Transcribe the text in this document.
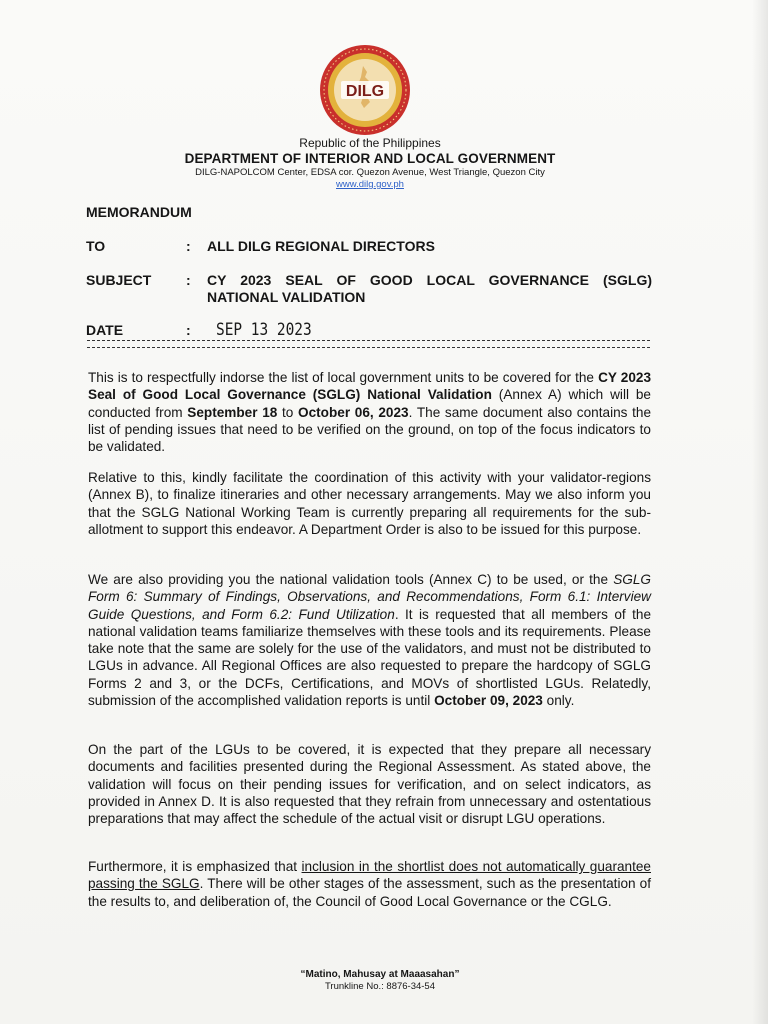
DILG
Republic of the Philippines
DEPARTMENT OF INTERIOR AND LOCAL GOVERNMENT
DILG-NAPOLCOM Center, EDSA cor. Quezon Avenue, West Triangle, Quezon City
www.dilg.gov.ph
MEMORANDUM
TO	: ALL DILG REGIONAL DIRECTORS
SUBJECT : CY 2023 SEAL OF GOOD LOCAL GOVERNANCE (SGLG) NATIONAL VALIDATION
DATE	: SEP 13 2023
This is to respectfully indorse the list of local government units to be covered for the CY 2023 Seal of Good Local Governance (SGLG) National Validation (Annex A) which will be conducted from September 18 to October 06, 2023. The same document also contains the list of pending issues that need to be verified on the ground, on top of the focus indicators to be validated.
Relative to this, kindly facilitate the coordination of this activity with your validator-regions (Annex B), to finalize itineraries and other necessary arrangements. May we also inform you that the SGLG National Working Team is currently preparing all requirements for the sub-allotment to support this endeavor. A Department Order is also to be issued for this purpose.
We are also providing you the national validation tools (Annex C) to be used, or the SGLG Form 6: Summary of Findings, Observations, and Recommendations, Form 6.1: Interview Guide Questions, and Form 6.2: Fund Utilization. It is requested that all members of the national validation teams familiarize themselves with these tools and its requirements. Please take note that the same are solely for the use of the validators, and must not be distributed to LGUs in advance. All Regional Offices are also requested to prepare the hardcopy of SGLG Forms 2 and 3, or the DCFs, Certifications, and MOVs of shortlisted LGUs. Relatedly, submission of the accomplished validation reports is until October 09, 2023 only.
On the part of the LGUs to be covered, it is expected that they prepare all necessary documents and facilities presented during the Regional Assessment. As stated above, the validation will focus on their pending issues for verification, and on select indicators, as provided in Annex D. It is also requested that they refrain from unnecessary and ostentatious preparations that may affect the schedule of the actual visit or disrupt LGU operations.
Furthermore, it is emphasized that inclusion in the shortlist does not automatically guarantee passing the SGLG. There will be other stages of the assessment, such as the presentation of the results to, and deliberation of, the Council of Good Local Governance or the CGLG.
“Matino, Mahusay at Maaasahan”
Trunkline No.: 8876-34-54
